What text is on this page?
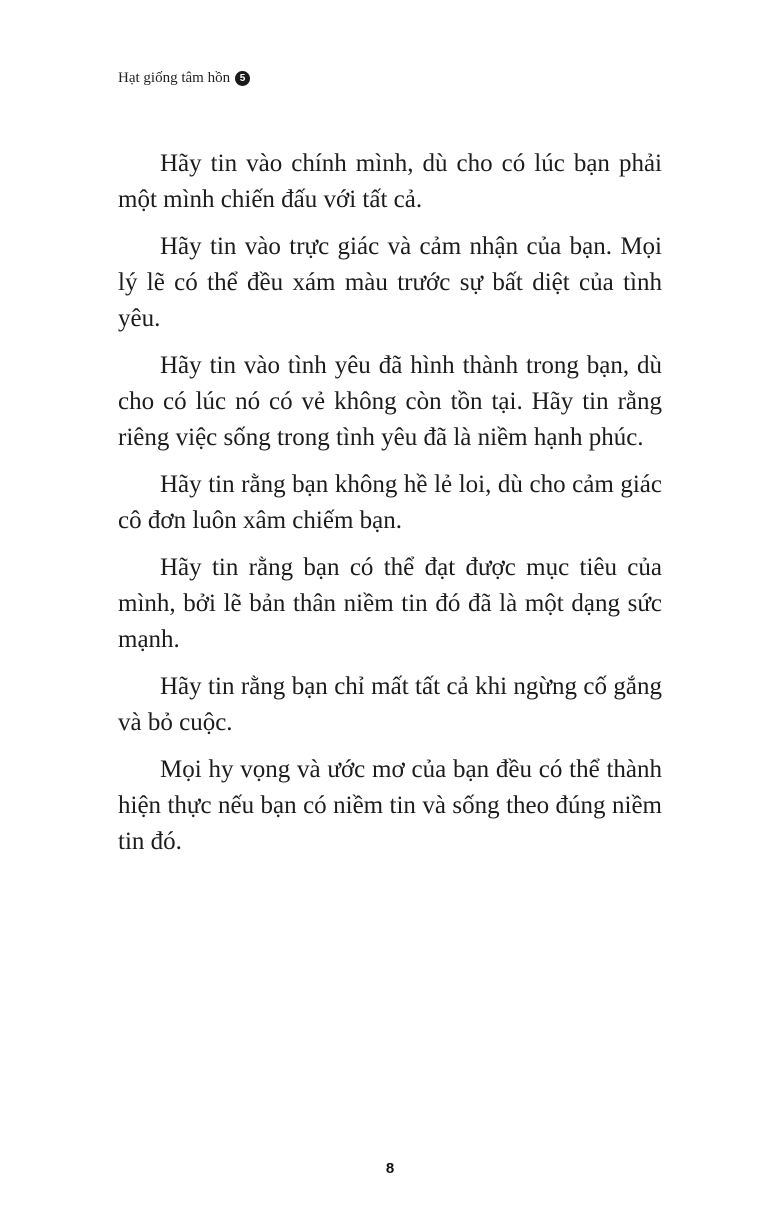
Hạt giống tâm hồn 5

Hãy tin vào chính mình, dù cho có lúc bạn phải một mình chiến đấu với tất cả.

Hãy tin vào trực giác và cảm nhận của bạn. Mọi lý lẽ có thể đều xám màu trước sự bất diệt của tình yêu.

Hãy tin vào tình yêu đã hình thành trong bạn, dù cho có lúc nó có vẻ không còn tồn tại. Hãy tin rằng riêng việc sống trong tình yêu đã là niềm hạnh phúc.

Hãy tin rằng bạn không hề lẻ loi, dù cho cảm giác cô đơn luôn xâm chiếm bạn.

Hãy tin rằng bạn có thể đạt được mục tiêu của mình, bởi lẽ bản thân niềm tin đó đã là một dạng sức mạnh.

Hãy tin rằng bạn chỉ mất tất cả khi ngừng cố gắng và bỏ cuộc.

Mọi hy vọng và ước mơ của bạn đều có thể thành hiện thực nếu bạn có niềm tin và sống theo đúng niềm tin đó.

8
